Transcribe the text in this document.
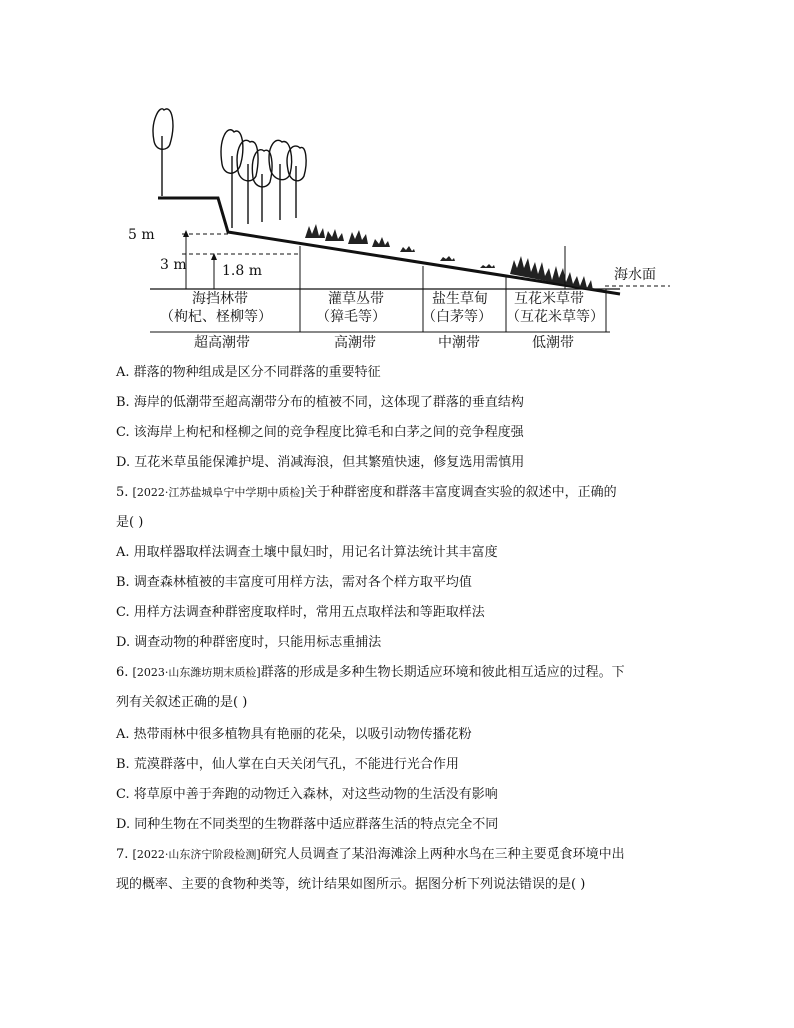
5 m
3 m	1.8 m	海水面
海挡林带
（枸杞、柽柳等）
超高潮带
灌草丛带
（獐毛等）
高潮带
盐生草甸
（白茅等）
中潮带
互花米草带
（互花米草等）
低潮带
A. 群落的物种组成是区分不同群落的重要特征
B. 海岸的低潮带至超高潮带分布的植被不同，这体现了群落的垂直结构
C. 该海岸上枸杞和柽柳之间的竞争程度比獐毛和白茅之间的竞争程度强
D. 互花米草虽能保滩护堤、消减海浪，但其繁殖快速，修复选用需慎用
5. [2022·江苏盐城阜宁中学期中质检]关于种群密度和群落丰富度调查实验的叙述中，正确的
是( )
A. 用取样器取样法调查土壤中鼠妇时，用记名计算法统计其丰富度
B. 调查森林植被的丰富度可用样方法，需对各个样方取平均值
C. 用样方法调查种群密度取样时，常用五点取样法和等距取样法
D. 调查动物的种群密度时，只能用标志重捕法
6. [2023·山东潍坊期末质检]群落的形成是多种生物长期适应环境和彼此相互适应的过程。下
列有关叙述正确的是( )
A. 热带雨林中很多植物具有艳丽的花朵，以吸引动物传播花粉
B. 荒漠群落中，仙人掌在白天关闭气孔，不能进行光合作用
C. 将草原中善于奔跑的动物迁入森林，对这些动物的生活没有影响
D. 同种生物在不同类型的生物群落中适应群落生活的特点完全不同
7. [2022·山东济宁阶段检测]研究人员调查了某沿海滩涂上两种水鸟在三种主要觅食环境中出
现的概率、主要的食物种类等，统计结果如图所示。据图分析下列说法错误的是( )
